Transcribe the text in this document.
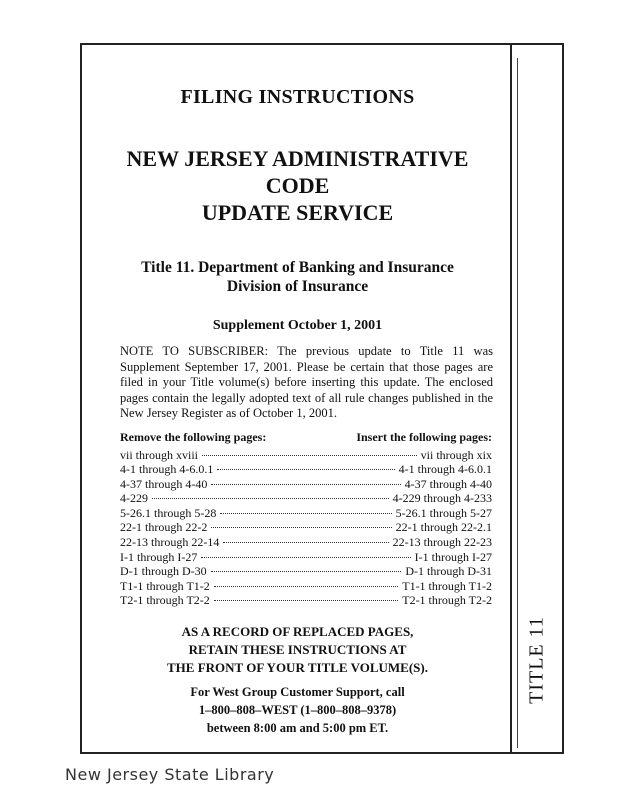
TITLE 11
FILING INSTRUCTIONS
NEW JERSEY ADMINISTRATIVE CODE
UPDATE SERVICE
Title 11. Department of Banking and Insurance
Division of Insurance
Supplement October 1, 2001
NOTE TO SUBSCRIBER: The previous update to Title 11 was Supplement September 17, 2001. Please be certain that those pages are filed in your Title volume(s) before inserting this update. The enclosed pages contain the legally adopted text of all rule changes published in the New Jersey Register as of October 1, 2001.
Remove the following pages:	Insert the following pages:
vii through xviii	vii through xix
4-1 through 4-6.0.1	4-1 through 4-6.0.1
4-37 through 4-40	4-37 through 4-40
4-229	4-229 through 4-233
5-26.1 through 5-28	5-26.1 through 5-27
22-1 through 22-2	22-1 through 22-2.1
22-13 through 22-14	22-13 through 22-23
I-1 through I-27	I-1 through I-27
D-1 through D-30	D-1 through D-31
T1-1 through T1-2	T1-1 through T1-2
T2-1 through T2-2	T2-1 through T2-2
AS A RECORD OF REPLACED PAGES,
RETAIN THESE INSTRUCTIONS AT
THE FRONT OF YOUR TITLE VOLUME(S).
For West Group Customer Support, call
1–800–808–WEST (1–800–808–9378)
between 8:00 am and 5:00 pm ET.
New Jersey State Library
